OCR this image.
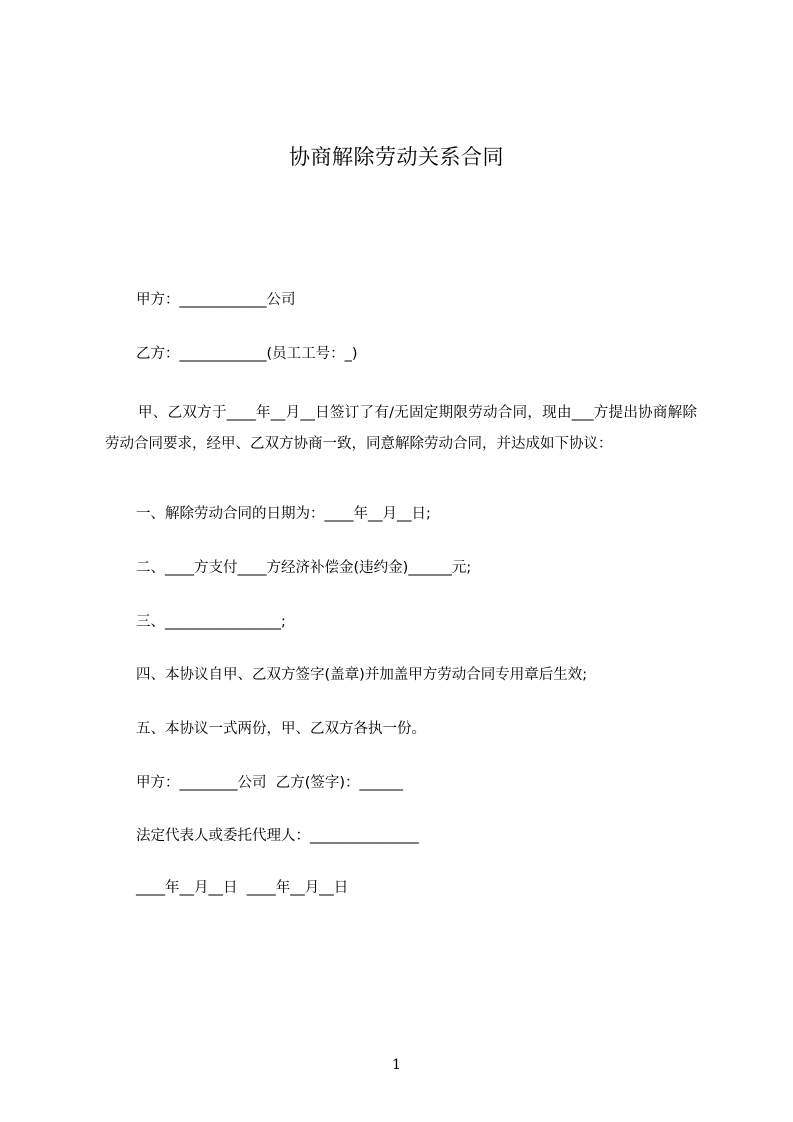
协商解除劳动关系合同

甲方：____________公司

乙方：____________(员工工号：_)

甲、乙双方于____年__月__日签订了有/无固定期限劳动合同，现由___方提出协商解除劳动合同要求，经甲、乙双方协商一致，同意解除劳动合同，并达成如下协议：

一、解除劳动合同的日期为：____年__月__日;

二、____方支付____方经济补偿金(违约金)______元;

三、________________;

四、本协议自甲、乙双方签字(盖章)并加盖甲方劳动合同专用章后生效;

五、本协议一式两份，甲、乙双方各执一份。

甲方：________公司  乙方(签字)：______

法定代表人或委托代理人：_______________

____年__月__日  ____年__月__日

1
